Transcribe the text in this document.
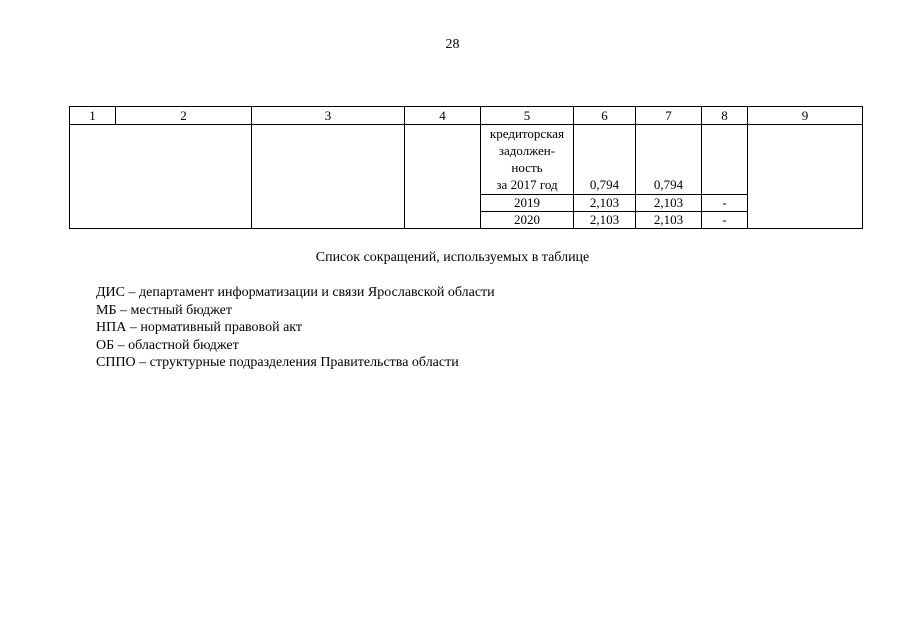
28
1	2	3	4	5	6	7	8	9

				кредиторская
задолжен-
ность
за 2017 год	0,794	0,794		
				2019	2,103	2,103	-	
				2020	2,103	2,103	-	
Список сокращений, используемых в таблице
ДИС – департамент информатизации и связи Ярославской области
МБ – местный бюджет
НПА – нормативный правовой акт
ОБ – областной бюджет
СППО – структурные подразделения Правительства области
